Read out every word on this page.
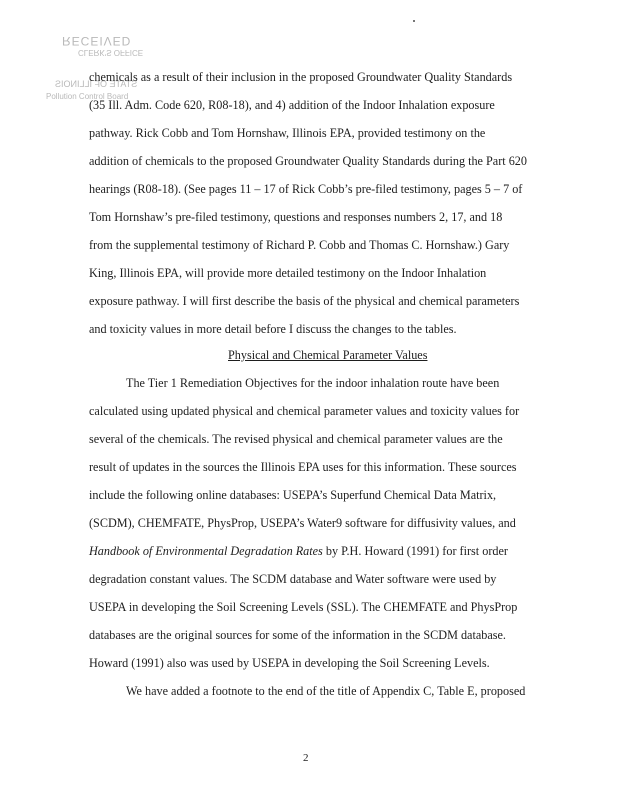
RECEIVED
CLERK'S OFFICE
STATE OF ILLINOIS
Pollution Control Board
chemicals as a result of their inclusion in the proposed Groundwater Quality Standards
(35 Ill. Adm. Code 620, R08-18), and 4) addition of the Indoor Inhalation exposure
pathway. Rick Cobb and Tom Hornshaw, Illinois EPA, provided testimony on the
addition of chemicals to the proposed Groundwater Quality Standards during the Part 620
hearings (R08-18). (See pages 11 – 17 of Rick Cobb’s pre-filed testimony, pages 5 – 7 of
Tom Hornshaw’s pre-filed testimony, questions and responses numbers 2, 17, and 18
from the supplemental testimony of Richard P. Cobb and Thomas C. Hornshaw.) Gary
King, Illinois EPA, will provide more detailed testimony on the Indoor Inhalation
exposure pathway. I will first describe the basis of the physical and chemical parameters
and toxicity values in more detail before I discuss the changes to the tables.
Physical and Chemical Parameter Values
The Tier 1 Remediation Objectives for the indoor inhalation route have been
calculated using updated physical and chemical parameter values and toxicity values for
several of the chemicals. The revised physical and chemical parameter values are the
result of updates in the sources the Illinois EPA uses for this information. These sources
include the following online databases: USEPA’s Superfund Chemical Data Matrix,
(SCDM), CHEMFATE, PhysProp, USEPA’s Water9 software for diffusivity values, and
Handbook of Environmental Degradation Rates by P.H. Howard (1991) for first order
degradation constant values. The SCDM database and Water software were used by
USEPA in developing the Soil Screening Levels (SSL). The CHEMFATE and PhysProp
databases are the original sources for some of the information in the SCDM database.
Howard (1991) also was used by USEPA in developing the Soil Screening Levels.
We have added a footnote to the end of the title of Appendix C, Table E, proposed
2
